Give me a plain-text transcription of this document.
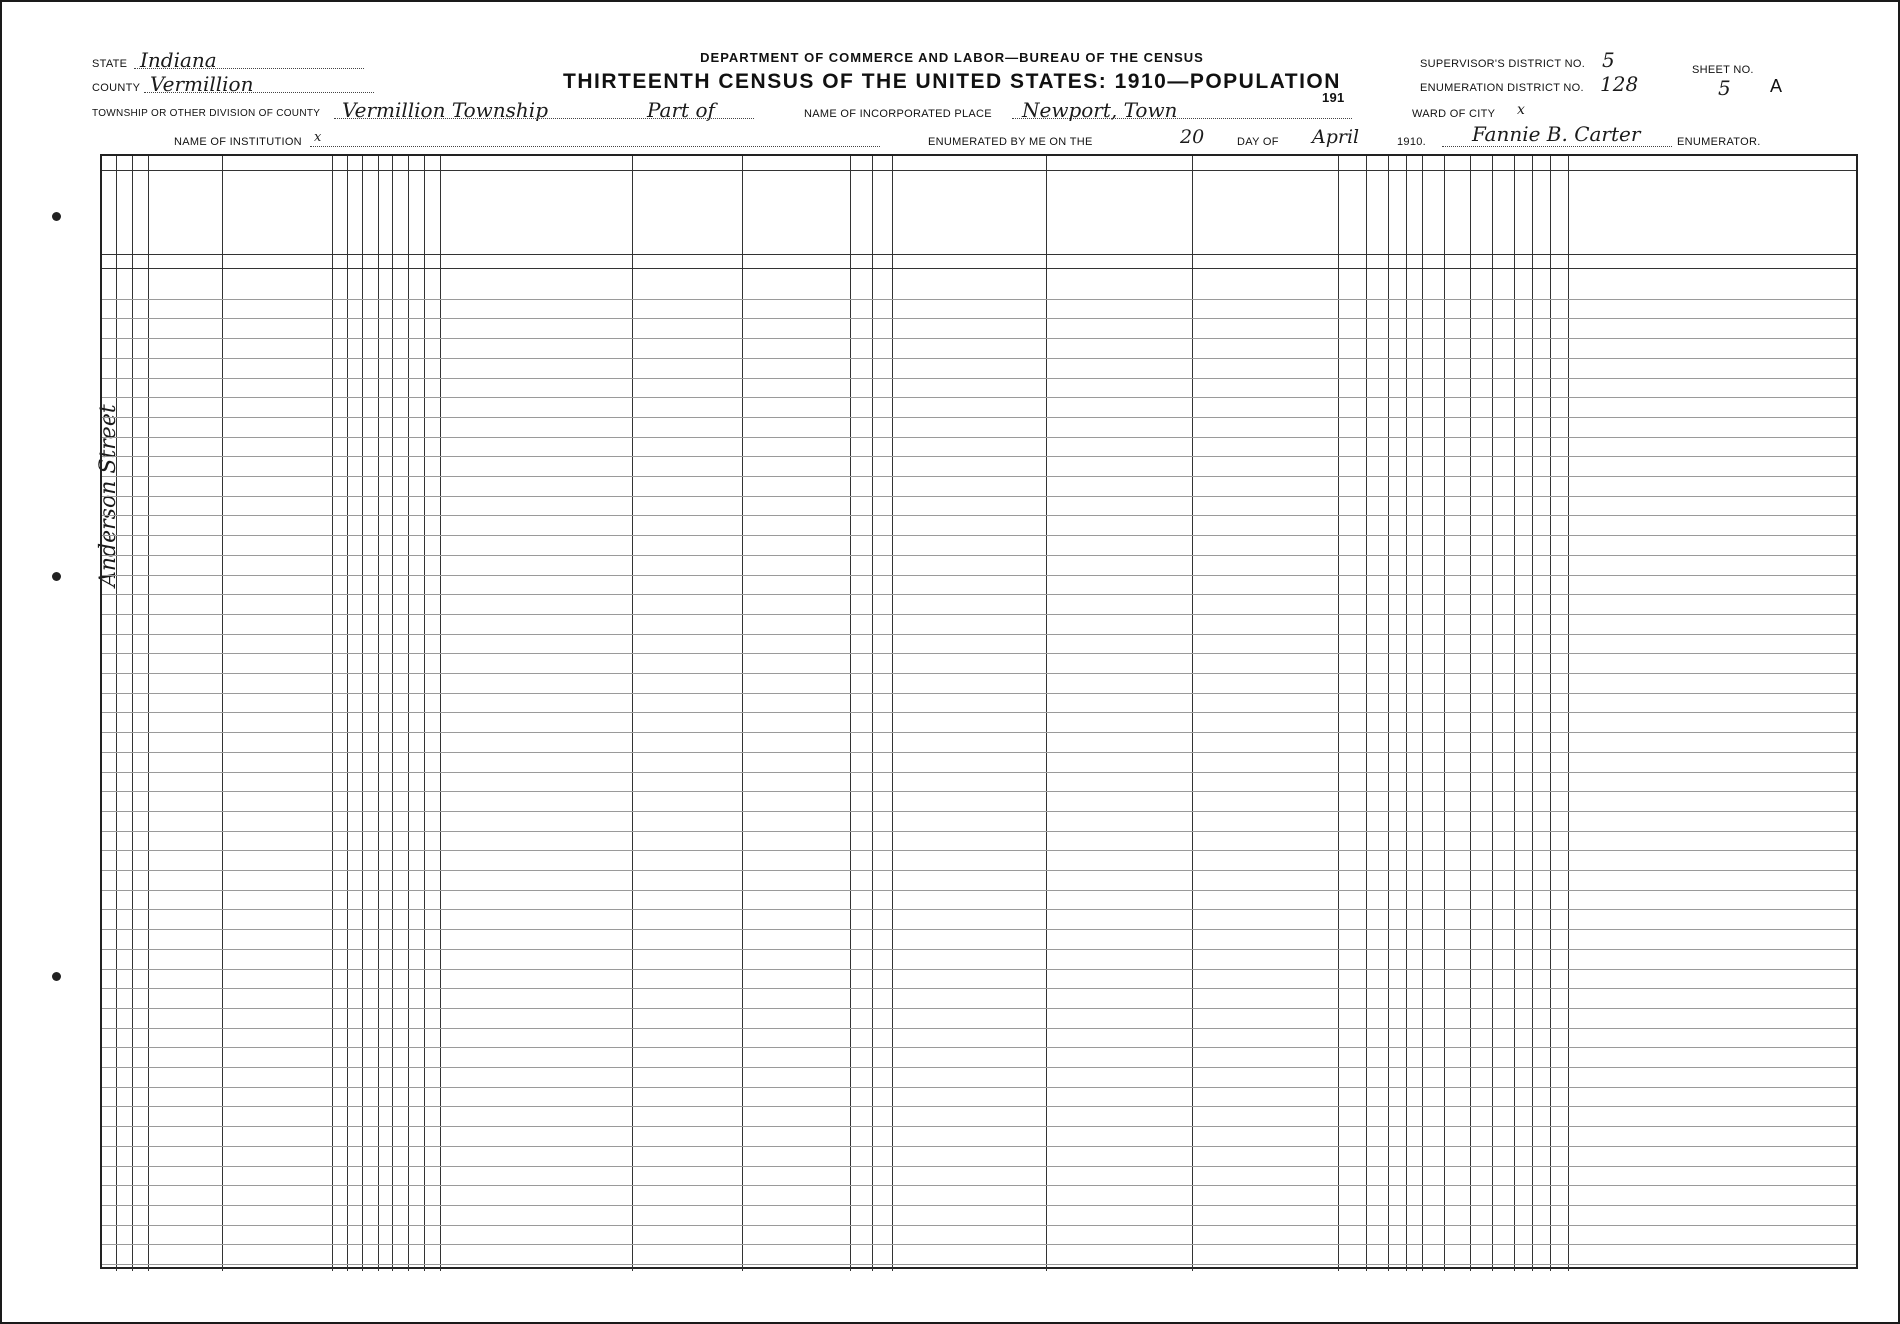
DEPARTMENT OF COMMERCE AND LABOR—BUREAU OF THE CENSUS
THIRTEENTH CENSUS OF THE UNITED STATES: 1910—POPULATION
STATE Indiana
COUNTY Vermillion
TOWNSHIP OR OTHER DIVISION OF COUNTY Vermillion Township	Part of	NAME OF INCORPORATED PLACE Newport, Town	WARD OF CITY x
NAME OF INSTITUTION x
191
ENUMERATED BY ME ON THE	20	DAY OF April	1910. Fannie B. Carter	ENUMERATOR.
SUPERVISOR'S DISTRICT NO. 5
ENUMERATION DISTRICT NO. 128
SHEET NO.
5 A
Anderson Street
